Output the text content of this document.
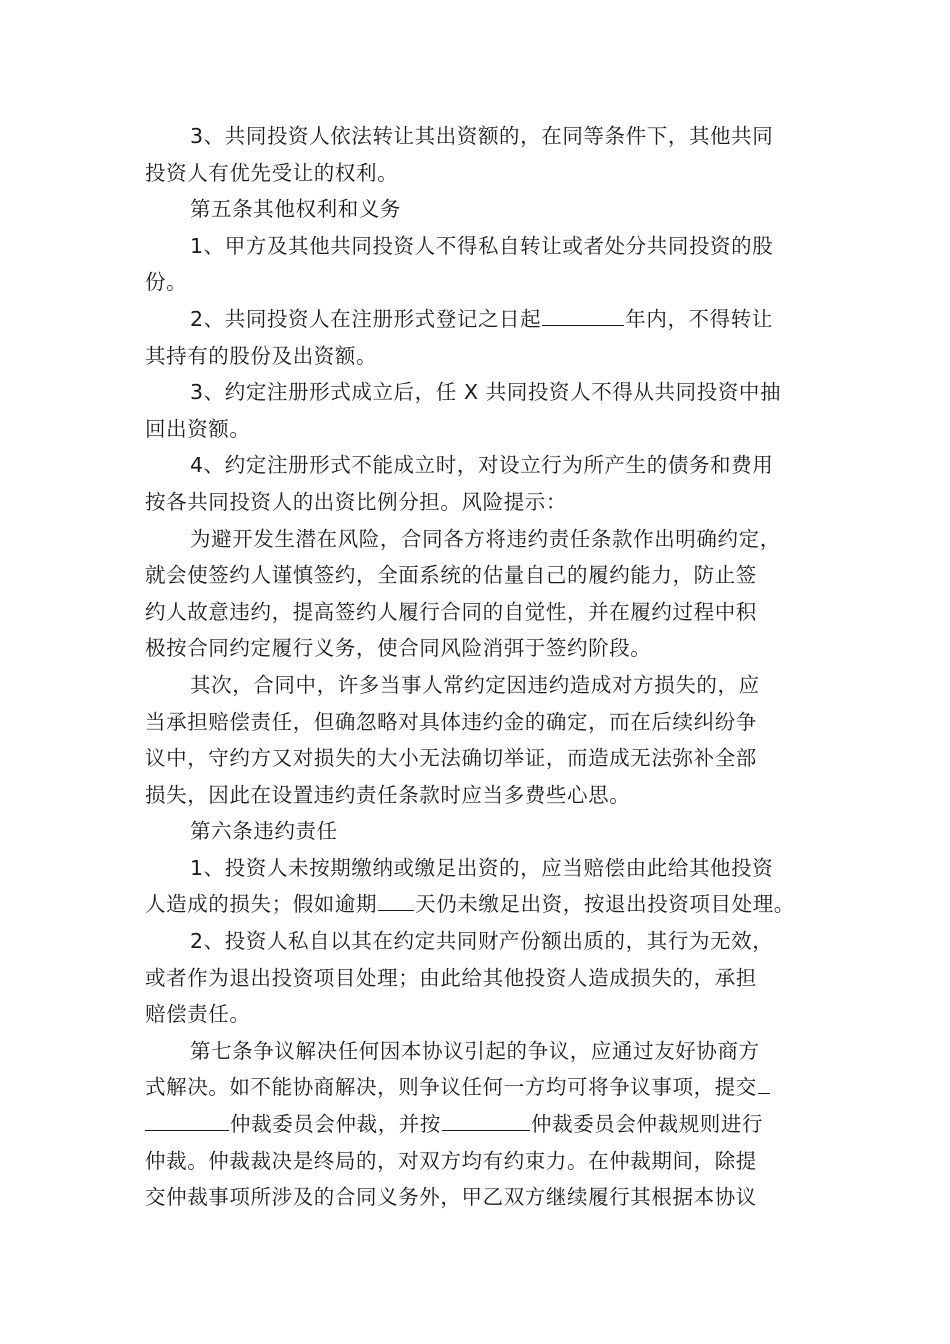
3、共同投资人依法转让其出资额的，在同等条件下，其他共同
投资人有优先受让的权利。
第五条其他权利和义务
1、甲方及其他共同投资人不得私自转让或者处分共同投资的股
份。
2、共同投资人在注册形式登记之日起	年内，不得转让
其持有的股份及出资额。
3、约定注册形式成立后，任 X 共同投资人不得从共同投资中抽
回出资额。
4、约定注册形式不能成立时，对设立行为所产生的债务和费用
按各共同投资人的出资比例分担。风险提示：
为避开发生潜在风险，合同各方将违约责任条款作出明确约定，
就会使签约人谨慎签约，全面系统的估量自己的履约能力，防止签
约人故意违约，提高签约人履行合同的自觉性，并在履约过程中积
极按合同约定履行义务，使合同风险消弭于签约阶段。
其次，合同中，许多当事人常约定因违约造成对方损失的，应
当承担赔偿责任，但确忽略对具体违约金的确定，而在后续纠纷争
议中，守约方又对损失的大小无法确切举证，而造成无法弥补全部
损失，因此在设置违约责任条款时应当多费些心思。
第六条违约责任
1、投资人未按期缴纳或缴足出资的，应当赔偿由此给其他投资
人造成的损失；假如逾期 天仍未缴足出资，按退出投资项目处理。
2、投资人私自以其在约定共同财产份额出质的，其行为无效，
或者作为退出投资项目处理；由此给其他投资人造成损失的，承担
赔偿责任。
第七条争议解决任何因本协议引起的争议，应通过友好协商方
式解决。如不能协商解决，则争议任何一方均可将争议事项，提交
仲裁委员会仲裁，并按	仲裁委员会仲裁规则进行
仲裁。仲裁裁决是终局的，对双方均有约束力。在仲裁期间，除提
交仲裁事项所涉及的合同义务外，甲乙双方继续履行其根据本协议
